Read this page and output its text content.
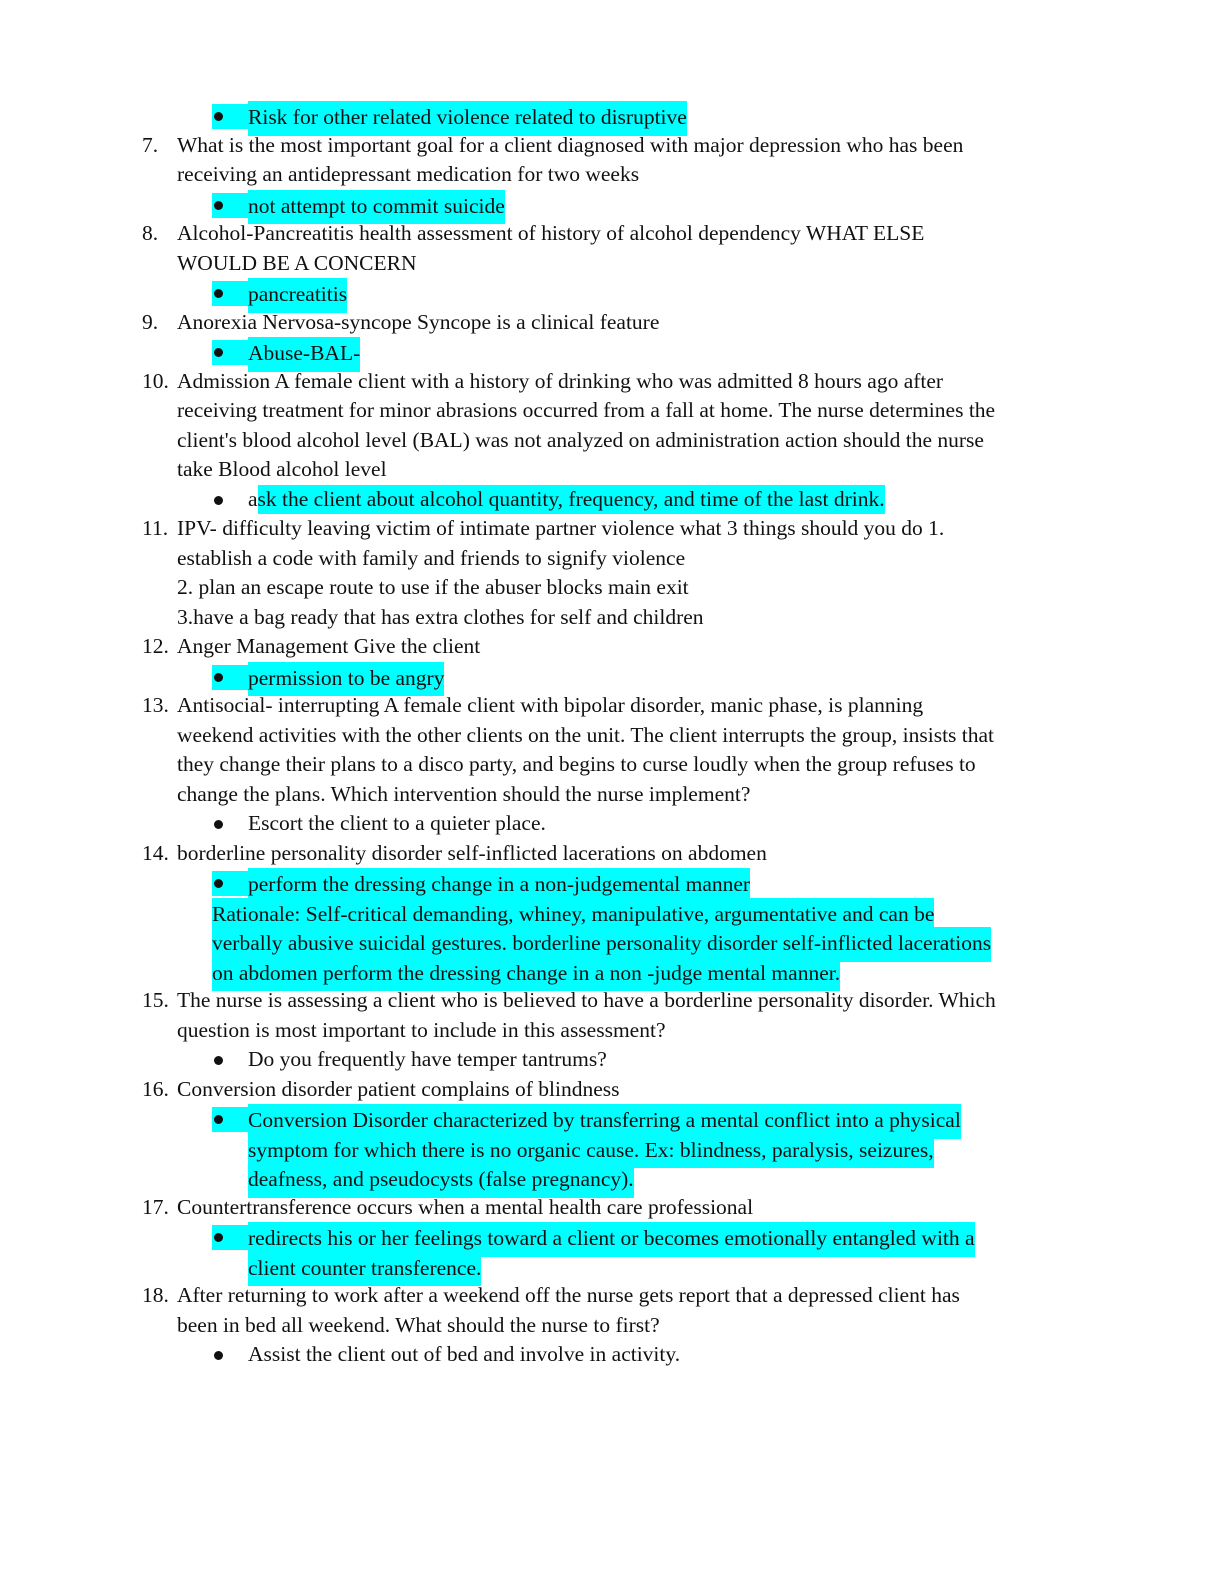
Risk for other related violence related to disruptive
7. What is the most important goal for a client diagnosed with major depression who has been
receiving an antidepressant medication for two weeks
not attempt to commit suicide
8. Alcohol-Pancreatitis health assessment of history of alcohol dependency WHAT ELSE
WOULD BE A CONCERN
pancreatitis
9. Anorexia Nervosa-syncope Syncope is a clinical feature
Abuse-BAL-
10. Admission A female client with a history of drinking who was admitted 8 hours ago after
receiving treatment for minor abrasions occurred from a fall at home. The nurse determines the
client's blood alcohol level (BAL) was not analyzed on administration action should the nurse
take Blood alcohol level
ask the client about alcohol quantity, frequency, and time of the last drink.
11. IPV- difficulty leaving victim of intimate partner violence what 3 things should you do 1.
establish a code with family and friends to signify violence
2. plan an escape route to use if the abuser blocks main exit
3.have a bag ready that has extra clothes for self and children
12. Anger Management Give the client
permission to be angry
13. Antisocial- interrupting A female client with bipolar disorder, manic phase, is planning
weekend activities with the other clients on the unit. The client interrupts the group, insists that
they change their plans to a disco party, and begins to curse loudly when the group refuses to
change the plans. Which intervention should the nurse implement?
Escort the client to a quieter place.
14. borderline personality disorder self-inflicted lacerations on abdomen
perform the dressing change in a non-judgemental manner
Rationale: Self-critical demanding, whiney, manipulative, argumentative and can be
verbally abusive suicidal gestures. borderline personality disorder self-inflicted lacerations
on abdomen perform the dressing change in a non -judge mental manner.
15. The nurse is assessing a client who is believed to have a borderline personality disorder. Which
question is most important to include in this assessment?
Do you frequently have temper tantrums?
16. Conversion disorder patient complains of blindness
Conversion Disorder characterized by transferring a mental conflict into a physical
symptom for which there is no organic cause. Ex: blindness, paralysis, seizures,
deafness, and pseudocysts (false pregnancy).
17. Countertransference occurs when a mental health care professional
redirects his or her feelings toward a client or becomes emotionally entangled with a
client counter transference.
18. After returning to work after a weekend off the nurse gets report that a depressed client has
been in bed all weekend. What should the nurse to first?
Assist the client out of bed and involve in activity.
